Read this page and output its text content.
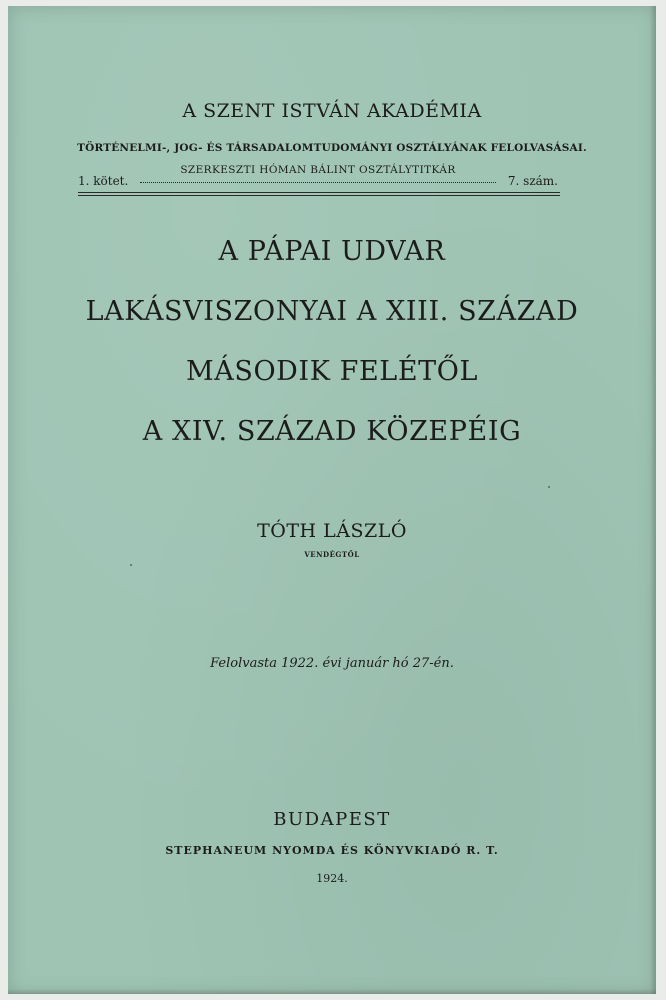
A SZENT ISTVÁN AKADÉMIA
TÖRTÉNELMI-, JOG- ÉS TÁRSADALOMTUDOMÁNYI OSZTÁLYÁNAK FELOLVASÁSAI.
1. kötet.
SZERKESZTI HÓMAN BÁLINT OSZTÁLYTITKÁR
7. szám.
A PÁPAI UDVAR
LAKÁSVISZONYAI A XIII. SZÁZAD
MÁSODIK FELÉTŐL
A XIV. SZÁZAD KÖZEPÉIG
TÓTH LÁSZLÓ
VENDÉGTŐL
Felolvasta 1922. évi január hó 27-én.
BUDAPEST
STEPHANEUM NYOMDA ÉS KÖNYVKIADÓ R. T.
1924.
